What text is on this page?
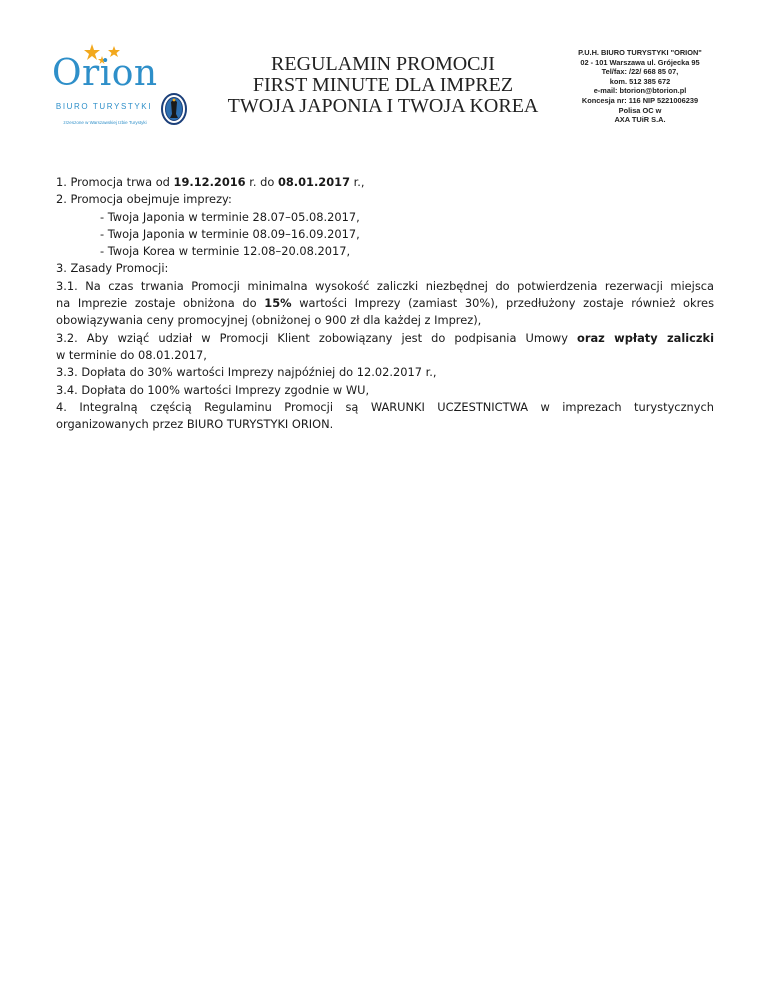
Orion
BIURO TURYSTYKI
zrzeszone w Warszawskiej Izbie Turystyki
REGULAMIN PROMOCJI
FIRST MINUTE DLA IMPREZ
TWOJA JAPONIA I TWOJA KOREA
P.U.H. BIURO TURYSTYKI "ORION"
02 - 101 Warszawa ul. Grójecka 95
Tel/fax: /22/ 668 85 07,
kom. 512 385 672
e-mail: btorion@btorion.pl
Koncesja nr: 116 NIP 5221006239
Polisa OC w
AXA TUiR S.A.
1. Promocja trwa od 19.12.2016 r. do 08.01.2017 r.,
2. Promocja obejmuje imprezy:
- Twoja Japonia w terminie 28.07–05.08.2017,
- Twoja Japonia w terminie 08.09–16.09.2017,
- Twoja Korea w terminie 12.08–20.08.2017,
3. Zasady Promocji:
3.1. Na czas trwania Promocji minimalna wysokość zaliczki niezbędnej do potwierdzenia rezerwacji miejsca
na Imprezie zostaje obniżona do 15% wartości Imprezy (zamiast 30%), przedłużony zostaje również okres
obowiązywania ceny promocyjnej (obniżonej o 900 zł dla każdej z Imprez),
3.2. Aby wziąć udział w Promocji Klient zobowiązany jest do podpisania Umowy oraz wpłaty zaliczki
w terminie do 08.01.2017,
3.3. Dopłata do 30% wartości Imprezy najpóźniej do 12.02.2017 r.,
3.4. Dopłata do 100% wartości Imprezy zgodnie w WU,
4. Integralną częścią Regulaminu Promocji są WARUNKI UCZESTNICTWA w imprezach turystycznych
organizowanych przez BIURO TURYSTYKI ORION.
